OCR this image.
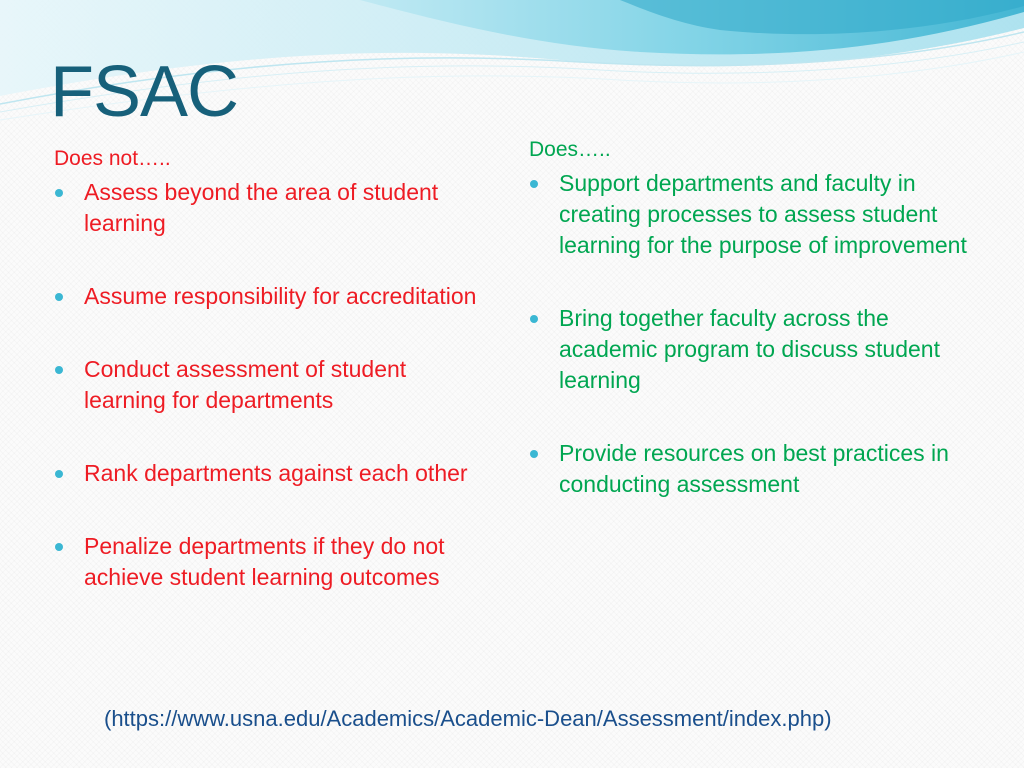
FSAC

Does not…..

Assess beyond the area of student learning
Assume responsibility for accreditation
Conduct assessment of student learning for departments
Rank departments against each other
Penalize departments if they do not achieve student learning outcomes

Does…..

Support departments and faculty in creating processes to assess student learning for the purpose of improvement
Bring together faculty across the academic program to discuss student learning
Provide resources on best practices in conducting assessment
(https://www.usna.edu/Academics/Academic-Dean/Assessment/index.php)
